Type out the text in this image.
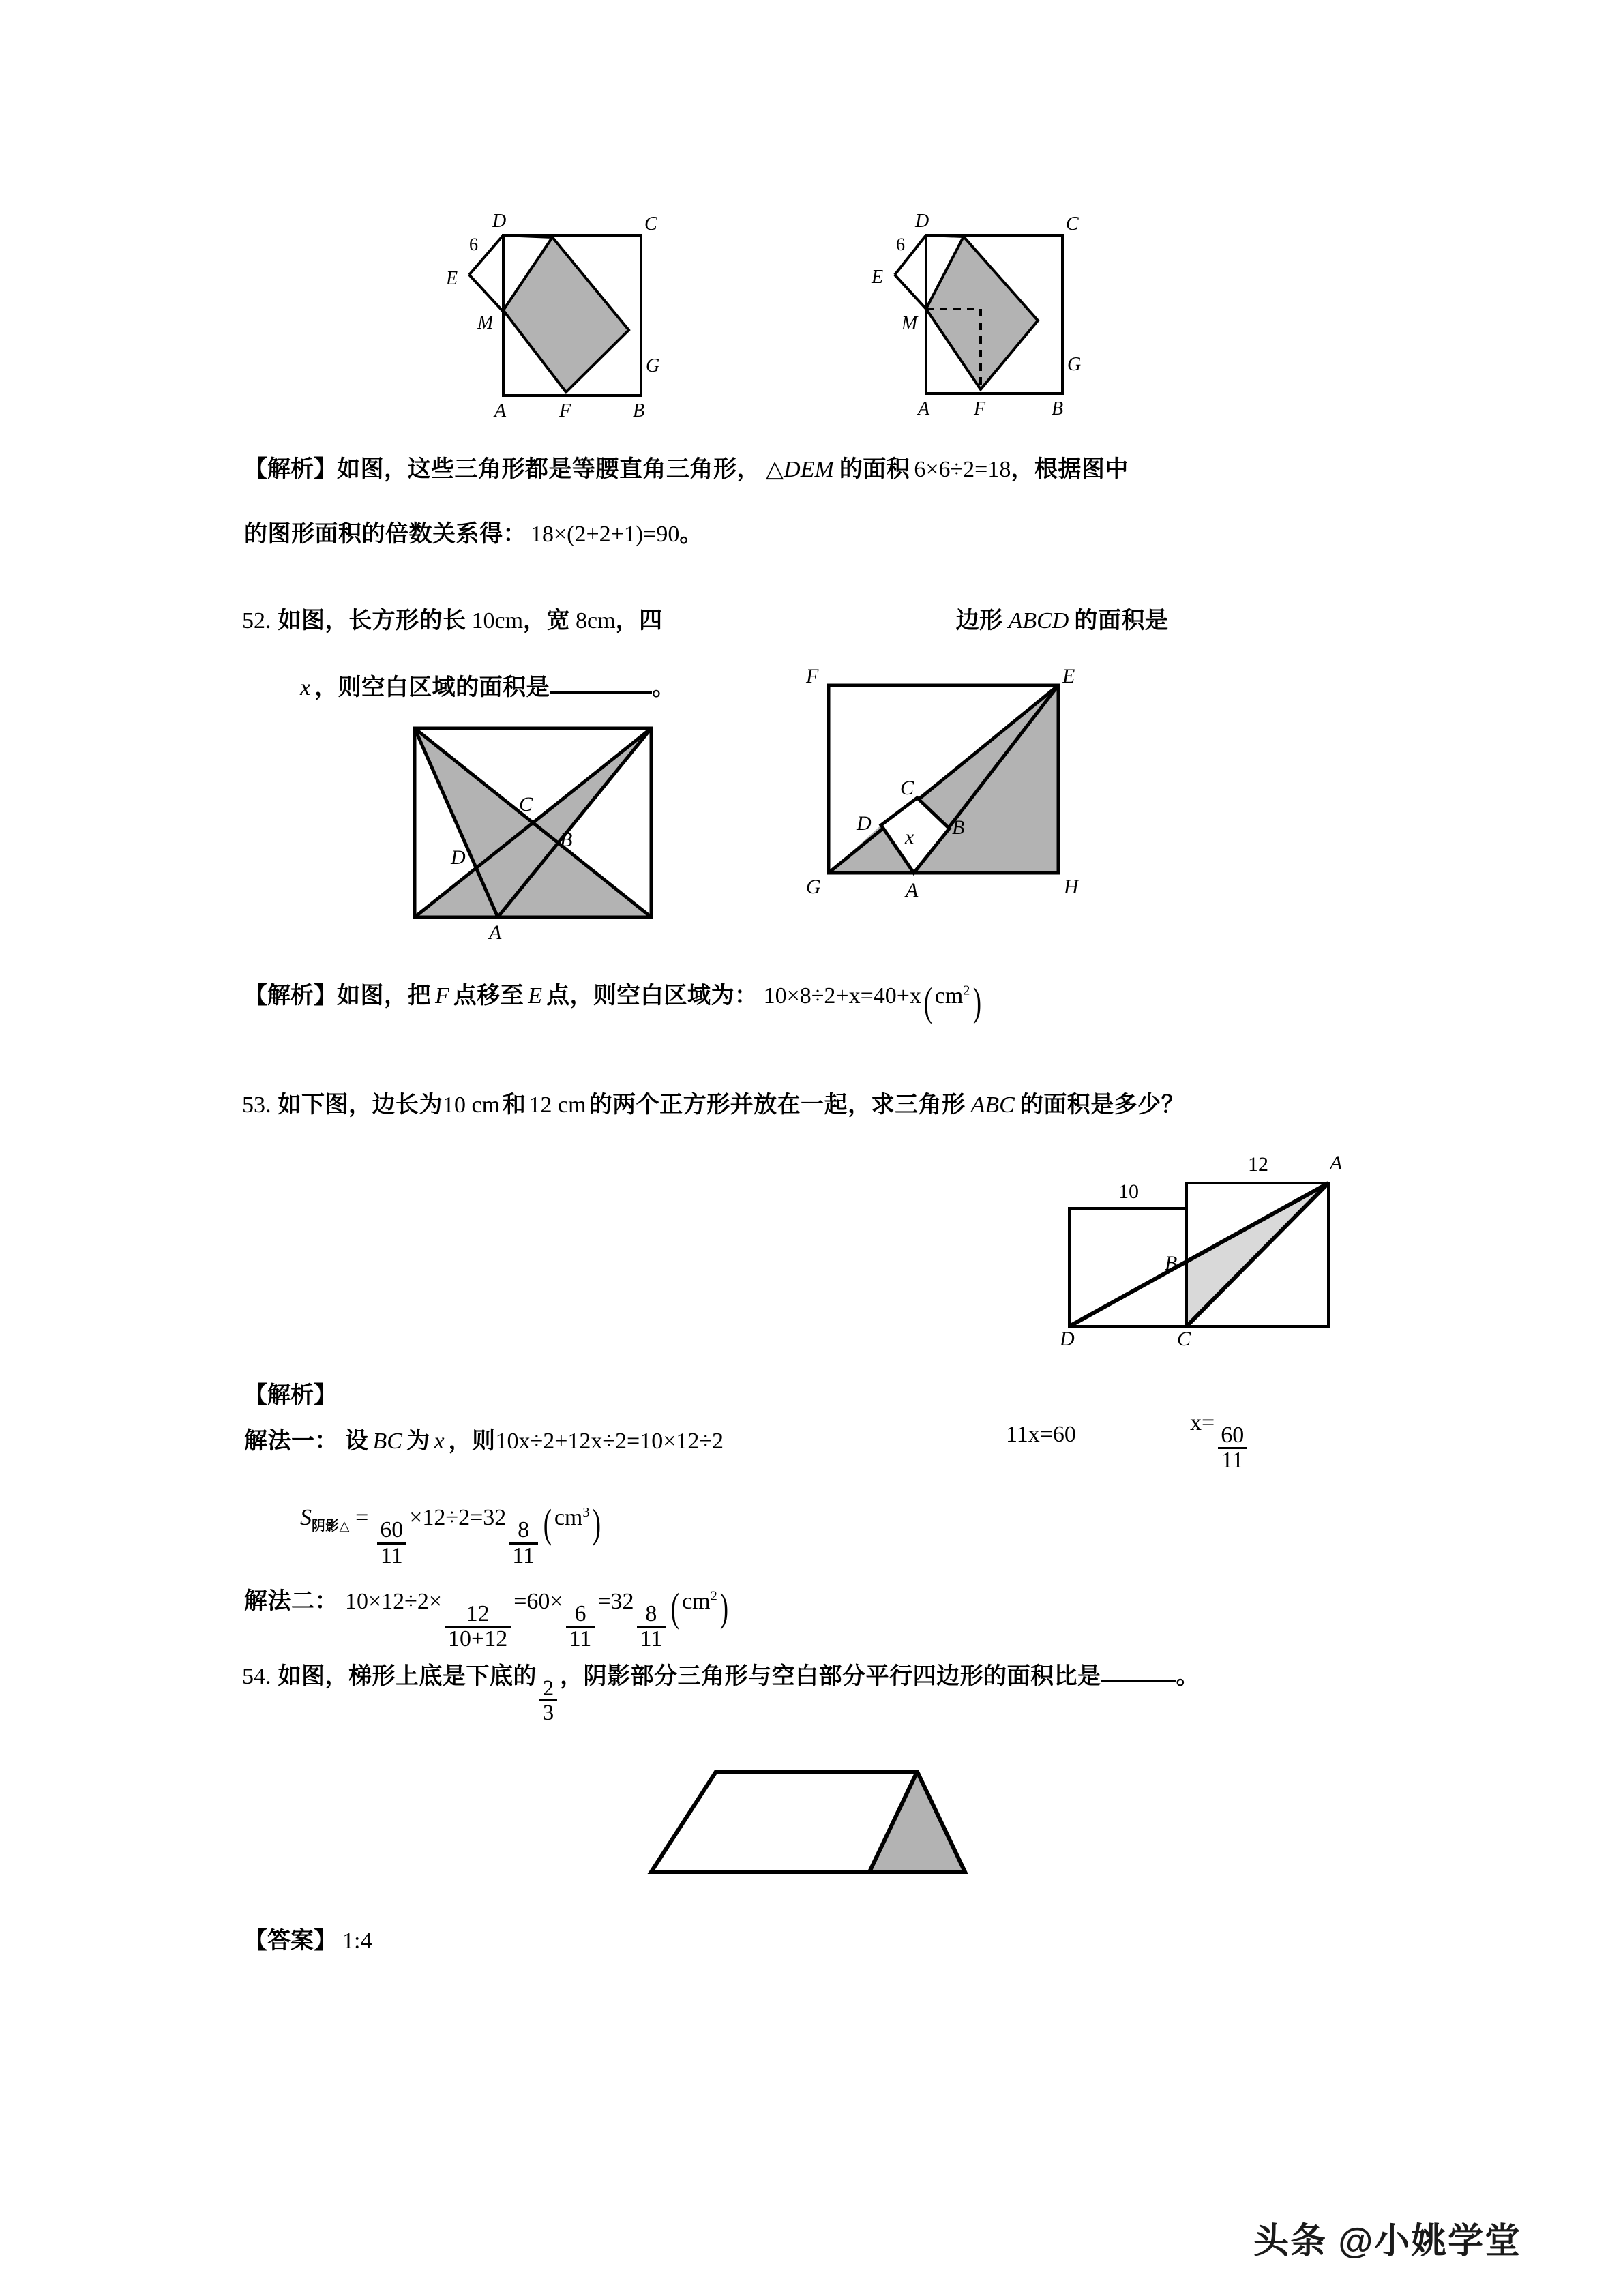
D	C
6
E
M
G
A	F	B
D	C
6
E
M
G
A F	B
【解析】如图，这些三角形都是等腰直角三角形， △DEM 的面积 6×6÷2=18，根据图中
的图形面积的倍数关系得： 18×(2+2+1)=90。
52. 如图，长方形的长 10cm，宽 8cm，四	边形 ABCD 的面积是
x ，则空白区域的面积是	。
C
D
B
A
F	E
C
D	B
x
G	A	H
【解析】如图，把 F 点移至 E 点，则空白区域为： 10×8÷2+x=40+x( $cm^2$)
53. 如下图，边长为10 cm 和 12 cm 的两个正方形并放在一起，求三角形 ABC 的面积是多少？
10
12	A
B
D	C
【解析】
解法一： 设 BC 为 x ，则10x÷2+12x÷2=10×12÷2	11x=60	x=
$\frac{60}{11}$
$S_{阴影\triangle}$ =
$\frac{60}{11}$
×12÷2=32
$\frac{8}{11}$ ( $cm^3$)
解法二： 10×12÷2×
$\frac{12}{10+12}$
=60×
$\frac{6}{11}$
=32
$\frac{8}{11}$ ( $cm^2$)
54. 如图，梯形上底是下底的
$\frac{2}{3}$
，阴影部分三角形与空白部分平行四边形的面积比是	。
【答案】 1:4
头条 @小姚学堂
